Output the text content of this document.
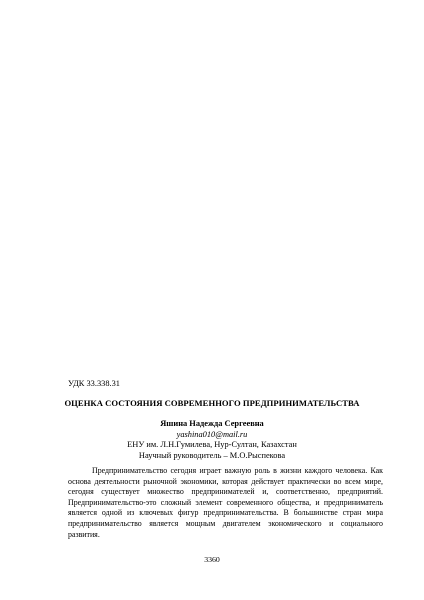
УДК 33.338.31
ОЦЕНКА СОСТОЯНИЯ СОВРЕМЕННОГО ПРЕДПРИНИМАТЕЛЬСТВА
Яшина Надежда Сергеевна
yashina010@mail.ru
ЕНУ им. Л.Н.Гумилева, Нур-Султан, Казахстан
Научный руководитель – М.О.Рыспекова

Предпринимательство сегодня играет важную роль в жизни каждого человека. Как основа деятельности рыночной экономики, которая действует практически во всем мире, сегодня существует множество предпринимателей и, соответственно, предприятий. Предпринимательство-это сложный элемент современного общества, и предприниматель является одной из ключевых фигур предпринимательства. В большинстве стран мира предпринимательство является мощным двигателем экономического и социального развития.

3360
